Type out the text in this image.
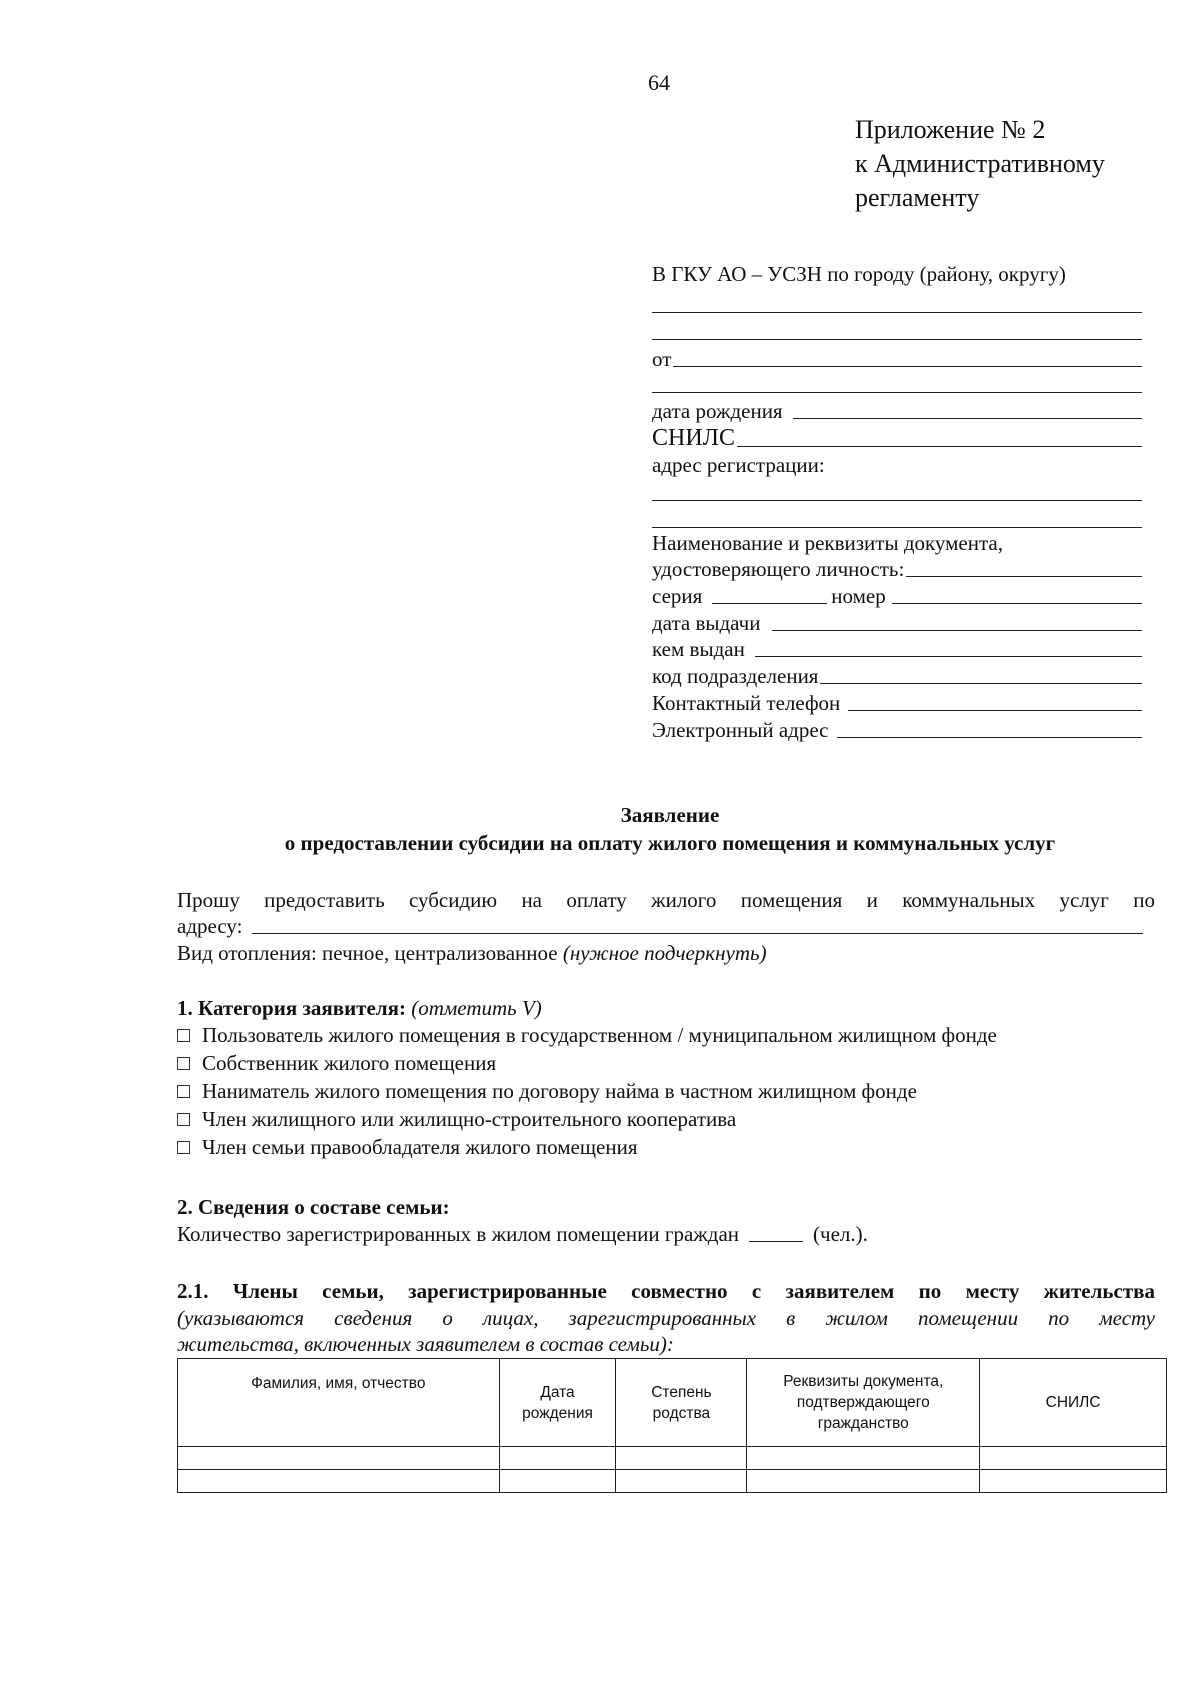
64
Приложение № 2
к Административному
регламенту
В ГКУ АО – УСЗН по городу (району, округу)
от
дата рождения
СНИЛС
адрес регистрации:
Наименование и реквизиты документа,
удостоверяющего личность:
серия	номер
дата выдачи
кем выдан
код подразделения
Контактный телефон
Электронный адрес
Заявление
о предоставлении субсидии на оплату жилого помещения и коммунальных услуг
Прошу предоставить субсидию на оплату жилого помещения и коммунальных услуг по
адресу:
Вид отопления: печное, централизованное (нужное подчеркнуть)
1. Категория заявителя: (отметить V)
Пользователь жилого помещения в государственном / муниципальном жилищном фонде
Собственник жилого помещения
Наниматель жилого помещения по договору найма в частном жилищном фонде
Член жилищного или жилищно-строительного кооператива
Член семьи правообладателя жилого помещения
2. Сведения о составе семьи:
Количество зарегистрированных в жилом помещении граждан	(чел.).
2.1. Члены семьи, зарегистрированные совместно с заявителем по месту жительства
(указываются сведения о лицах, зарегистрированных в жилом помещении по месту
жительства, включенных заявителем в состав семьи):
Фамилия, имя, отчество	Дата рождения	Степень родства	Реквизиты документа, подтверждающего гражданство	СНИЛС
